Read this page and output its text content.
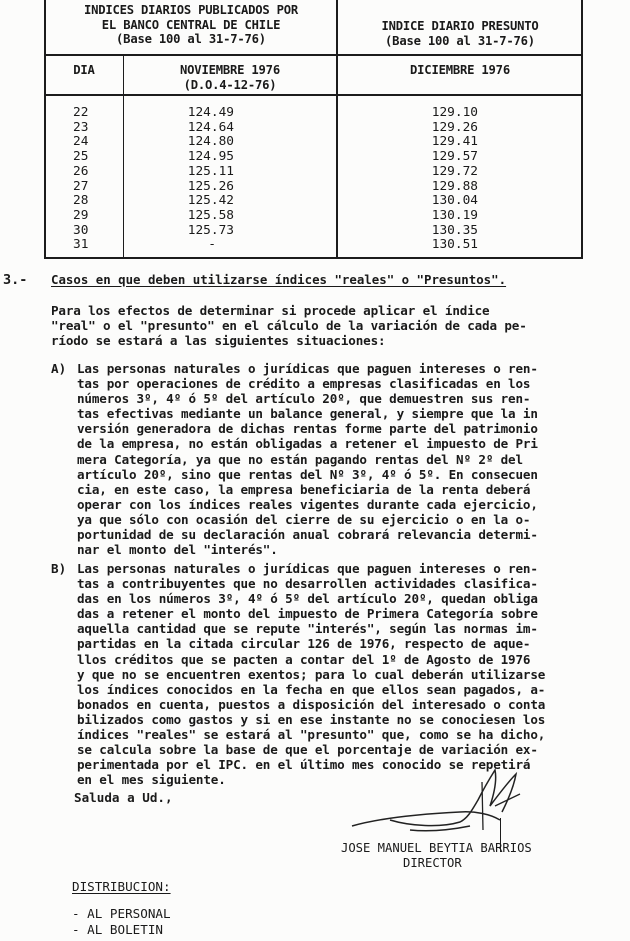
INDICES DIARIOS PUBLICADOS POR
EL BANCO CENTRAL DE CHILE
(Base 100 al 31-7-76)
INDICE DIARIO PRESUNTO
(Base 100 al 31-7-76)
DIA	NOVIEMBRE 1976
(D.O.4-12-76)
DICIEMBRE 1976
22
23
24
25
26
27
28
29
30
31
124.49
124.64
124.80
124.95
125.11
125.26
125.42
125.58
125.73
-
129.10
129.26
129.41
129.57
129.72
129.88
130.04
130.19
130.35
130.51
3.- Casos en que deben utilizarse índices "reales" o "Presuntos".
Para los efectos de determinar si procede aplicar el índice
"real" o el "presunto" en el cálculo de la variación de cada pe-
ríodo se estará a las siguientes situaciones:
A) Las personas naturales o jurídicas que paguen intereses o ren-
tas por operaciones de crédito a empresas clasificadas en los
números 3º, 4º ó 5º del artículo 20º, que demuestren sus ren-
tas efectivas mediante un balance general, y siempre que la in
versión generadora de dichas rentas forme parte del patrimonio
de la empresa, no están obligadas a retener el impuesto de Pri
mera Categoría, ya que no están pagando rentas del Nº 2º del
artículo 20º, sino que rentas del Nº 3º, 4º ó 5º. En consecuen
cia, en este caso, la empresa beneficiaria de la renta deberá
operar con los índices reales vigentes durante cada ejercicio,
ya que sólo con ocasión del cierre de su ejercicio o en la o-
portunidad de su declaración anual cobrará relevancia determi-
nar el monto del "interés".
B) Las personas naturales o jurídicas que paguen intereses o ren-
tas a contribuyentes que no desarrollen actividades clasifica-
das en los números 3º, 4º ó 5º del artículo 20º, quedan obliga
das a retener el monto del impuesto de Primera Categoría sobre
aquella cantidad que se repute "interés", según las normas im-
partidas en la citada circular 126 de 1976, respecto de aque-
llos créditos que se pacten a contar del 1º de Agosto de 1976
y que no se encuentren exentos; para lo cual deberán utilizarse
los índices conocidos en la fecha en que ellos sean pagados, a-
bonados en cuenta, puestos a disposición del interesado o conta
bilizados como gastos y si en ese instante no se conociesen los
índices "reales" se estará al "presunto" que, como se ha dicho,
se calcula sobre la base de que el porcentaje de variación ex-
perimentada por el IPC. en el último mes conocido se repetirá
en el mes siguiente.
Saluda a Ud.,
JOSE MANUEL BEYTIA BARRIOS
DIRECTOR
DISTRIBUCION:
- AL PERSONAL
- AL BOLETIN
